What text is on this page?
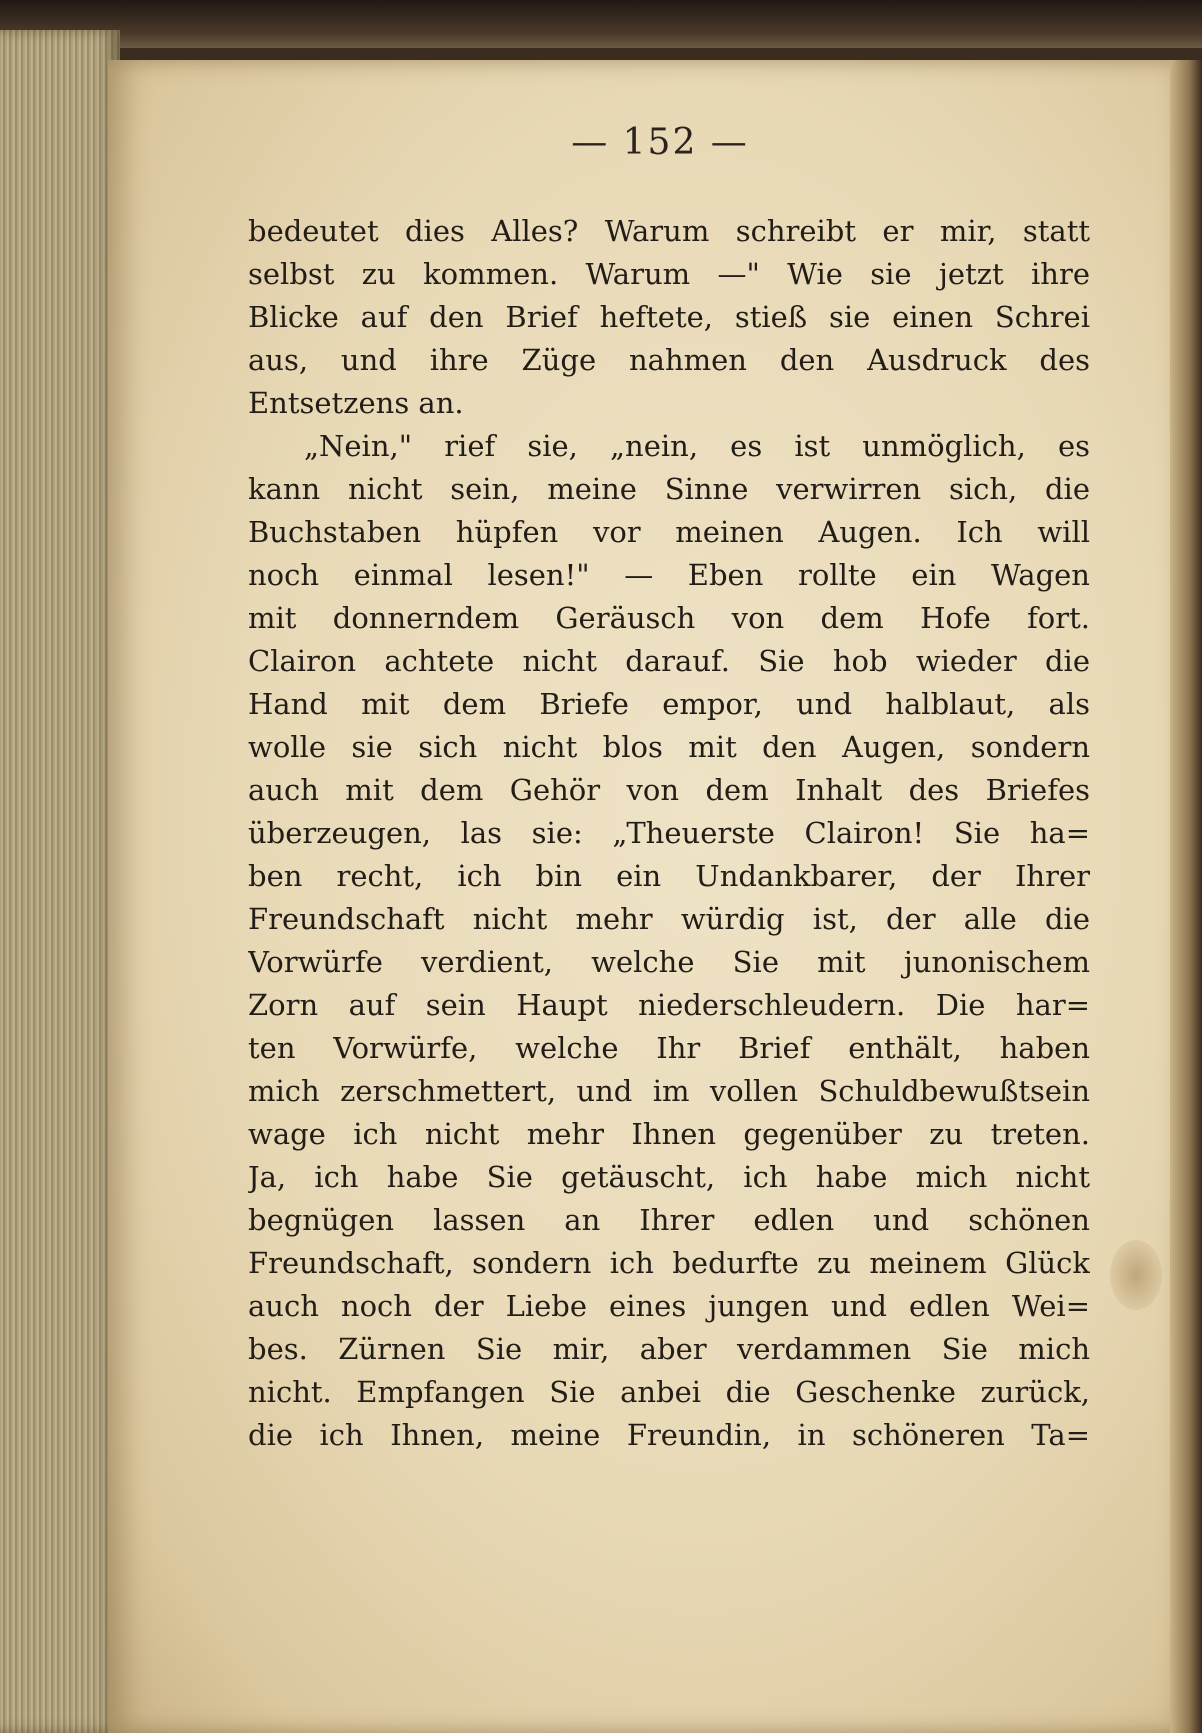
— 152 —
bedeutet dies Alles? Warum schreibt er mir, statt
selbst zu kommen. Warum —" Wie sie jetzt ihre
Blicke auf den Brief heftete, stieß sie einen Schrei
aus, und ihre Züge nahmen den Ausdruck des
Entsetzens an.
„Nein," rief sie, „nein, es ist unmöglich, es
kann nicht sein, meine Sinne verwirren sich, die
Buchstaben hüpfen vor meinen Augen. Ich will
noch einmal lesen!" — Eben rollte ein Wagen
mit donnerndem Geräusch von dem Hofe fort.
Clairon achtete nicht darauf. Sie hob wieder die
Hand mit dem Briefe empor, und halblaut, als
wolle sie sich nicht blos mit den Augen, sondern
auch mit dem Gehör von dem Inhalt des Briefes
überzeugen, las sie: „Theuerste Clairon! Sie ha=
ben recht, ich bin ein Undankbarer, der Ihrer
Freundschaft nicht mehr würdig ist, der alle die
Vorwürfe verdient, welche Sie mit junonischem
Zorn auf sein Haupt niederschleudern. Die har=
ten Vorwürfe, welche Ihr Brief enthält, haben
mich zerschmettert, und im vollen Schuldbewußtsein
wage ich nicht mehr Ihnen gegenüber zu treten.
Ja, ich habe Sie getäuscht, ich habe mich nicht
begnügen lassen an Ihrer edlen und schönen
Freundschaft, sondern ich bedurfte zu meinem Glück
auch noch der Liebe eines jungen und edlen Wei=
bes. Zürnen Sie mir, aber verdammen Sie mich
nicht. Empfangen Sie anbei die Geschenke zurück,
die ich Ihnen, meine Freundin, in schöneren Ta=
